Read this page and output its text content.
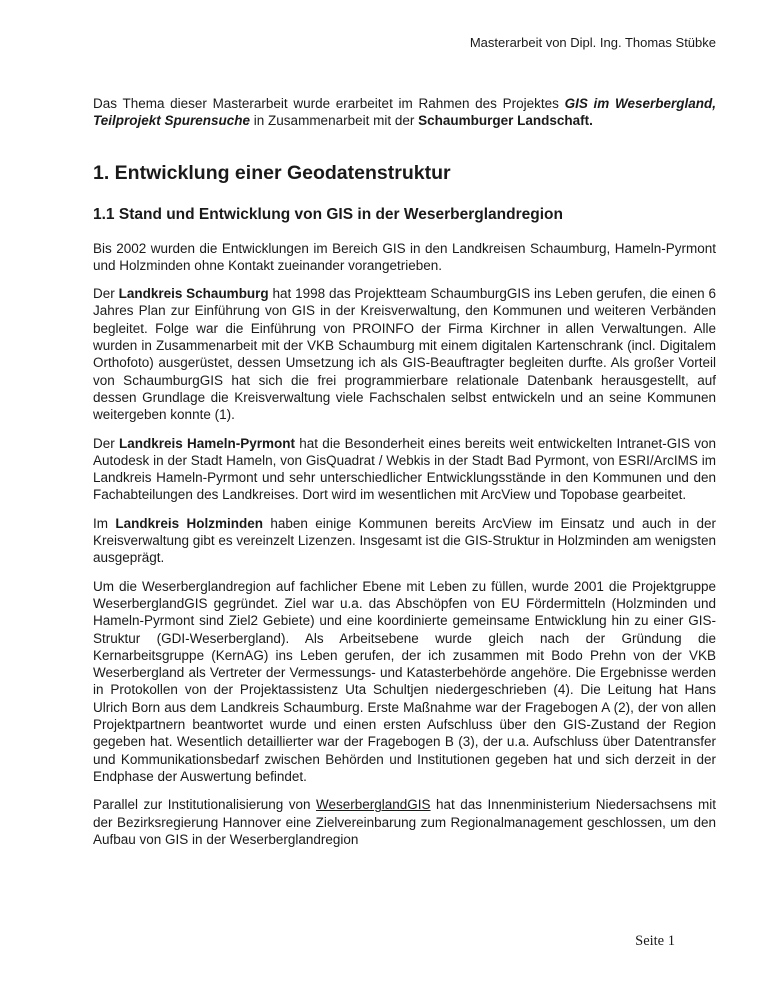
Masterarbeit von Dipl. Ing. Thomas Stübke

Das Thema dieser Masterarbeit wurde erarbeitet im Rahmen des Projektes GIS im Weserbergland, Teilprojekt Spurensuche in Zusammenarbeit mit der Schaumburger Landschaft.

1. Entwicklung einer Geodatenstruktur
1.1 Stand und Entwicklung von GIS in der Weserberglandregion

Bis 2002 wurden die Entwicklungen im Bereich GIS in den Landkreisen Schaumburg, Hameln-Pyrmont und Holzminden ohne Kontakt zueinander vorangetrieben.

Der Landkreis Schaumburg hat 1998 das Projektteam SchaumburgGIS ins Leben gerufen, die einen 6 Jahres Plan zur Einführung von GIS in der Kreisverwaltung, den Kommunen und weiteren Verbänden begleitet. Folge war die Einführung von PROINFO der Firma Kirchner in allen Verwaltungen. Alle wurden in Zusammenarbeit mit der VKB Schaumburg mit einem digitalen Kartenschrank (incl. Digitalem Orthofoto) ausgerüstet, dessen Umsetzung ich als GIS-Beauftragter begleiten durfte. Als großer Vorteil von SchaumburgGIS hat sich die frei programmierbare relationale Datenbank herausgestellt, auf dessen Grundlage die Kreisverwaltung viele Fachschalen selbst entwickeln und an seine Kommunen weitergeben konnte (1).

Der Landkreis Hameln-Pyrmont hat die Besonderheit eines bereits weit entwickelten Intranet-GIS von Autodesk in der Stadt Hameln, von GisQuadrat / Webkis in der Stadt Bad Pyrmont, von ESRI/ArcIMS im Landkreis Hameln-Pyrmont und sehr unterschiedlicher Entwicklungsstände in den Kommunen und den Fachabteilungen des Landkreises. Dort wird im wesentlichen mit ArcView und Topobase gearbeitet.

Im Landkreis Holzminden haben einige Kommunen bereits ArcView im Einsatz und auch in der Kreisverwaltung gibt es vereinzelt Lizenzen. Insgesamt ist die GIS-Struktur in Holzminden am wenigsten ausgeprägt.

Um die Weserberglandregion auf fachlicher Ebene mit Leben zu füllen, wurde 2001 die Projektgruppe WeserberglandGIS gegründet. Ziel war u.a. das Abschöpfen von EU Fördermitteln (Holzminden und Hameln-Pyrmont sind Ziel2 Gebiete) und eine koordinierte gemeinsame Entwicklung hin zu einer GIS-Struktur (GDI-Weserbergland). Als Arbeitsebene wurde gleich nach der Gründung die Kernarbeitsgruppe (KernAG) ins Leben gerufen, der ich zusammen mit Bodo Prehn von der VKB Weserbergland als Vertreter der Vermessungs- und Katasterbehörde angehöre. Die Ergebnisse werden in Protokollen von der Projektassistenz Uta Schultjen niedergeschrieben (4). Die Leitung hat Hans Ulrich Born aus dem Landkreis Schaumburg. Erste Maßnahme war der Fragebogen A (2), der von allen Projektpartnern beantwortet wurde und einen ersten Aufschluss über den GIS-Zustand der Region gegeben hat. Wesentlich detaillierter war der Fragebogen B (3), der u.a. Aufschluss über Datentransfer und Kommunikationsbedarf zwischen Behörden und Institutionen gegeben hat und sich derzeit in der Endphase der Auswertung befindet.

Parallel zur Institutionalisierung von WeserberglandGIS hat das Innenministerium Niedersachsens mit der Bezirksregierung Hannover eine Zielvereinbarung zum Regionalmanagement geschlossen, um den Aufbau von GIS in der Weserberglandregion

Seite 1
